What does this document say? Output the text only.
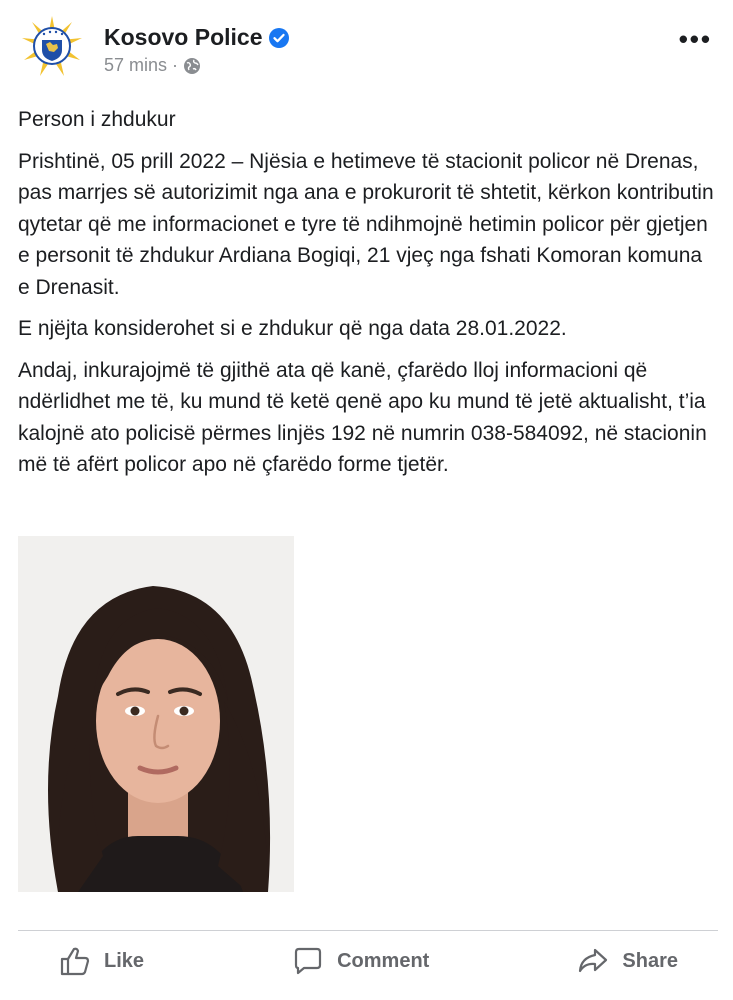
Kosovo Police
57 mins ·
•••

Person i zhdukur

Prishtinë, 05 prill 2022 – Njësia e hetimeve të stacionit policor në Drenas, pas marrjes së autorizimit nga ana e prokurorit të shtetit, kërkon kontributin qytetar që me informacionet e tyre të ndihmojnë hetimin policor për gjetjen e personit të zhdukur Ardiana Bogiqi, 21 vjeç nga fshati Komoran komuna e Drenasit.

E njëjta konsiderohet si e zhdukur që nga data 28.01.2022.

Andaj, inkurajojmë të gjithë ata që kanë, çfarëdo lloj informacioni që ndërlidhet me të, ku mund të ketë qenë apo ku mund të jetë aktualisht, t’ia kalojnë ato policisë përmes linjës 192 në numrin 038-584092, në stacionin më të afërt policor apo në çfarëdo forme tjetër.

Like	Comment	Share
